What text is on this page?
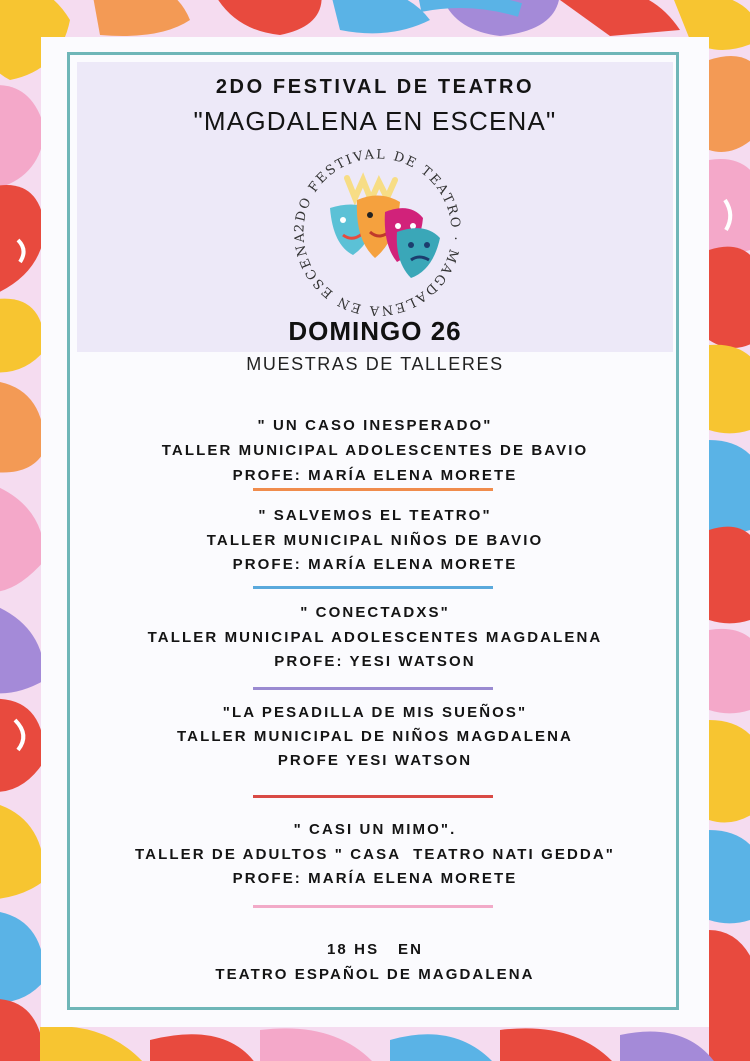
2DO FESTIVAL DE TEATRO
"MAGDALENA EN ESCENA"
2DO FESTIVAL DE TEATRO · MAGDALENA EN ESCENA
DOMINGO 26
MUESTRAS DE TALLERES
" UN CASO INESPERADO"
TALLER MUNICIPAL ADOLESCENTES DE BAVIO
PROFE: MARÍA ELENA MORETE
" SALVEMOS EL TEATRO"
TALLER MUNICIPAL NIÑOS DE BAVIO
PROFE: MARÍA ELENA MORETE
" CONECTADXS"
TALLER MUNICIPAL ADOLESCENTES MAGDALENA
PROFE: YESI WATSON
"LA PESADILLA DE MIS SUEÑOS"
TALLER MUNICIPAL DE NIÑOS MAGDALENA
PROFE YESI WATSON
" CASI UN MIMO".
TALLER DE ADULTOS " CASA  TEATRO NATI GEDDA"
PROFE: MARÍA ELENA MORETE
18 HS   EN
TEATRO ESPAÑOL DE MAGDALENA
